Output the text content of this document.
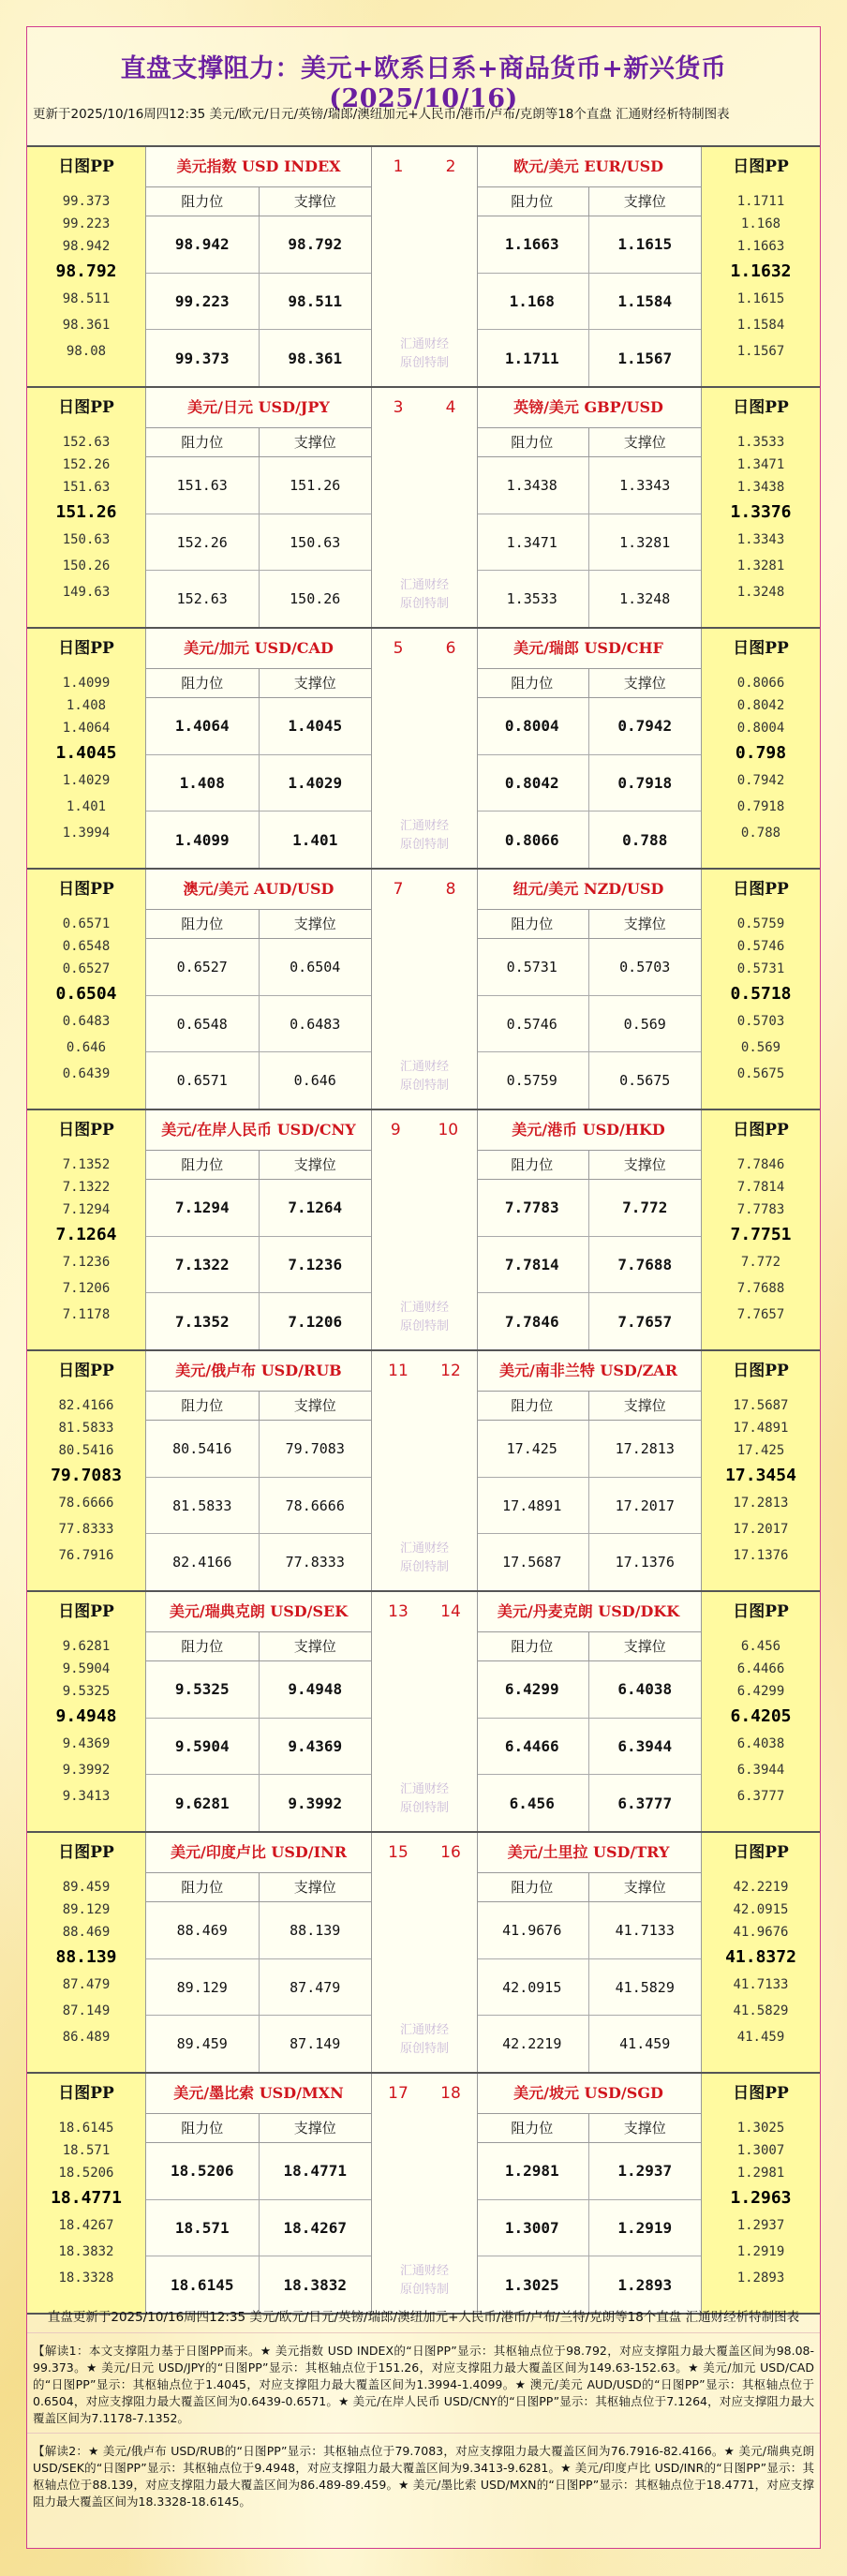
直盘支撑阻力：美元+欧系日系+商品货币+新兴货币(2025/10/16)
更新于2025/10/16周四12:35 美元/欧元/日元/英镑/瑞郎/澳纽加元+人民币/港币/卢布/克朗等18个直盘 汇通财经析特制图表
日图PP
99.373
99.223
98.942
98.792
98.511
98.361
98.08
美元指数 USD INDEX
阻力位	支撑位
98.942	98.792
99.223	98.511
99.373	98.361
日图PP
1.1711
1.168
1.1663
1.1632
1.1615
1.1584
1.1567
欧元/美元 EUR/USD
阻力位	支撑位
1.1663	1.1615
1.168	1.1584
1.1711	1.1567
1	2
汇通财经
原创特制
日图PP
152.63
152.26
151.63
151.26
150.63
150.26
149.63
美元/日元 USD/JPY
阻力位	支撑位
151.63	151.26
152.26	150.63
152.63	150.26
日图PP
1.3533
1.3471
1.3438
1.3376
1.3343
1.3281
1.3248
英镑/美元 GBP/USD
阻力位	支撑位
1.3438	1.3343
1.3471	1.3281
1.3533	1.3248
3	4
汇通财经
原创特制
日图PP
1.4099
1.408
1.4064
1.4045
1.4029
1.401
1.3994
美元/加元 USD/CAD
阻力位	支撑位
1.4064	1.4045
1.408	1.4029
1.4099	1.401
日图PP
0.8066
0.8042
0.8004
0.798
0.7942
0.7918
0.788
美元/瑞郎 USD/CHF
阻力位	支撑位
0.8004	0.7942
0.8042	0.7918
0.8066	0.788
5	6
汇通财经
原创特制
日图PP
0.6571
0.6548
0.6527
0.6504
0.6483
0.646
0.6439
澳元/美元 AUD/USD
阻力位	支撑位
0.6527	0.6504
0.6548	0.6483
0.6571	0.646
日图PP
0.5759
0.5746
0.5731
0.5718
0.5703
0.569
0.5675
纽元/美元 NZD/USD
阻力位	支撑位
0.5731	0.5703
0.5746	0.569
0.5759	0.5675
7	8
汇通财经
原创特制
日图PP
7.1352
7.1322
7.1294
7.1264
7.1236
7.1206
7.1178
美元/在岸人民币 USD/CNY
阻力位	支撑位
7.1294	7.1264
7.1322	7.1236
7.1352	7.1206
日图PP
7.7846
7.7814
7.7783
7.7751
7.772
7.7688
7.7657
美元/港币 USD/HKD
阻力位	支撑位
7.7783	7.772
7.7814	7.7688
7.7846	7.7657
9 10
汇通财经
原创特制
日图PP
82.4166
81.5833
80.5416
79.7083
78.6666
77.8333
76.7916
美元/俄卢布 USD/RUB
阻力位	支撑位
80.5416	79.7083
81.5833	78.6666
82.4166	77.8333
日图PP
17.5687
17.4891
17.425
17.3454
17.2813
17.2017
17.1376
美元/南非兰特 USD/ZAR
阻力位	支撑位
17.425	17.2813
17.4891	17.2017
17.5687	17.1376
11 12
汇通财经
原创特制
日图PP
9.6281
9.5904
9.5325
9.4948
9.4369
9.3992
9.3413
美元/瑞典克朗 USD/SEK
阻力位	支撑位
9.5325	9.4948
9.5904	9.4369
9.6281	9.3992
日图PP
6.456
6.4466
6.4299
6.4205
6.4038
6.3944
6.3777
美元/丹麦克朗 USD/DKK
阻力位	支撑位
6.4299	6.4038
6.4466	6.3944
6.456	6.3777
13 14
汇通财经
原创特制
日图PP
89.459
89.129
88.469
88.139
87.479
87.149
86.489
美元/印度卢比 USD/INR
阻力位	支撑位
88.469	88.139
89.129	87.479
89.459	87.149
日图PP
42.2219
42.0915
41.9676
41.8372
41.7133
41.5829
41.459
美元/土里拉 USD/TRY
阻力位	支撑位
41.9676	41.7133
42.0915	41.5829
42.2219	41.459
15 16
汇通财经
原创特制
日图PP
18.6145
18.571
18.5206
18.4771
18.4267
18.3832
18.3328
美元/墨比索 USD/MXN
阻力位	支撑位
18.5206	18.4771
18.571	18.4267
18.6145	18.3832
日图PP
1.3025
1.3007
1.2981
1.2963
1.2937
1.2919
1.2893
美元/坡元 USD/SGD
阻力位	支撑位
1.2981	1.2937
1.3007	1.2919
1.3025	1.2893
17 18
汇通财经
原创特制
直盘更新于2025/10/16周四12:35 美元/欧元/日元/英镑/瑞郎/澳纽加元+人民币/港币/卢布/兰特/克朗等18个直盘 汇通财经析特制图表
【解读1：本文支撑阻力基于日图PP而来。★ 美元指数 USD INDEX的“日图PP”显示：其枢轴点位于98.792，对应支撑阻力最大覆盖区间为98.08-99.373。★ 美元/日元 USD/JPY的“日图PP”显示：其枢轴点位于151.26，对应支撑阻力最大覆盖区间为149.63-152.63。★ 美元/加元 USD/CAD的“日图PP”显示：其枢轴点位于1.4045，对应支撑阻力最大覆盖区间为1.3994-1.4099。★ 澳元/美元 AUD/USD的“日图PP”显示：其枢轴点位于0.6504，对应支撑阻力最大覆盖区间为0.6439-0.6571。★ 美元/在岸人民币 USD/CNY的“日图PP”显示：其枢轴点位于7.1264，对应支撑阻力最大覆盖区间为7.1178-7.1352。
【解读2：★ 美元/俄卢布 USD/RUB的“日图PP”显示：其枢轴点位于79.7083，对应支撑阻力最大覆盖区间为76.7916-82.4166。★ 美元/瑞典克朗 USD/SEK的“日图PP”显示：其枢轴点位于9.4948，对应支撑阻力最大覆盖区间为9.3413-9.6281。★ 美元/印度卢比 USD/INR的“日图PP”显示：其枢轴点位于88.139，对应支撑阻力最大覆盖区间为86.489-89.459。★ 美元/墨比索 USD/MXN的“日图PP”显示：其枢轴点位于18.4771，对应支撑阻力最大覆盖区间为18.3328-18.6145。
